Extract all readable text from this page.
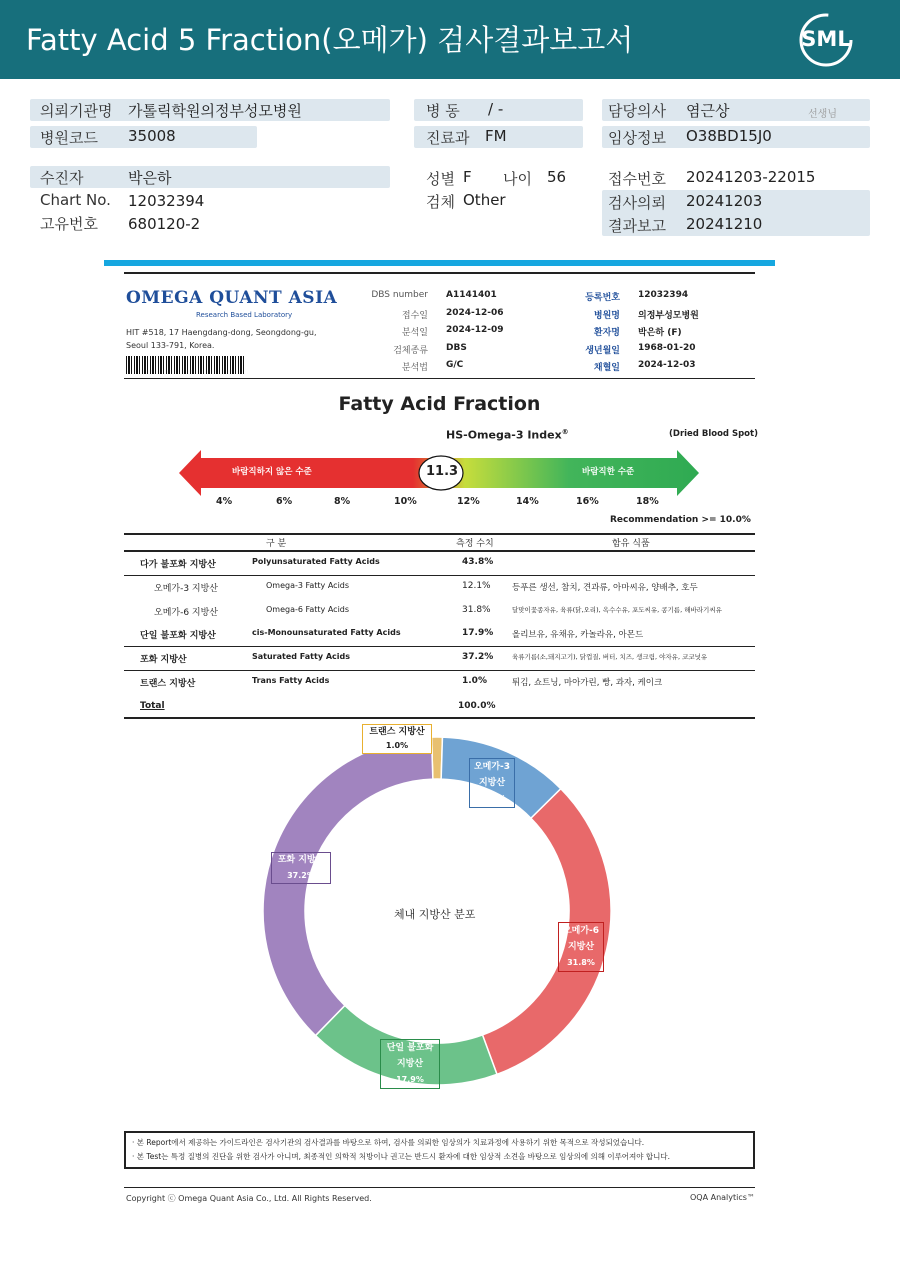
Fatty Acid 5 Fraction(오메가) 검사결과보고서	SML
의뢰기관명 가톨릭학원의정부성모병원
병원코드 35008
병 동 / -
진료과 FM
담당의사 염근상	선생님
임상정보 O38BD15J0
수진자	박은하
Chart No. 12032394
고유번호 680120-2
성별 F 나이 56
검체 Other
접수번호 20241203-22015
검사의뢰 20241203
결과보고 20241210
OMEGA QUANT ASIA
Research Based Laboratory
HIT #518, 17 Haengdang-dong, Seongdong-gu,
Seoul 133-791, Korea.
DBS number A1141401
접수일 2024-12-06
분석일 2024-12-09
검체종류 DBS
분석법 G/C
등록번호 12032394
병원명 의정부성모병원
환자명 박은하 (F)
생년월일 1968-01-20
채혈일 2024-12-03
Fatty Acid Fraction
HS-Omega-3 Index®	(Dried Blood Spot)
바람직하지 않은 수준	바람직한 수준
11.3
4%	6%	8%	10%	12%	14%	16%	18%
Recommendation >= 10.0%
구 분	측정 수치	함유 식품
다가 불포화 지방산	Polyunsaturated Fatty Acids	43.8%
오메가-3 지방산	Omega-3 Fatty Acids	12.1%	등푸른 생선, 참치, 견과류, 아마씨유, 양배추, 호두
오메가-6 지방산	Omega-6 Fatty Acids	31.8%	달맞이꽃종자유, 육류(닭,오리), 옥수수유, 포도씨유, 콩기름, 해바라기씨유
단일 불포화 지방산	cis-Monounsaturated Fatty Acids	17.9% 올리브유, 유채유, 카놀라유, 아몬드
포화 지방산	Saturated Fatty Acids	37.2%	육류기름(소,돼지고기), 닭껍질, 버터, 치즈, 생크림, 야자유, 코코넛유
트랜스 지방산	Trans Fatty Acids	1.0%	튀김, 쇼트닝, 마아가린, 빵, 과자, 케이크
Total	100.0%
체내 지방산 분포
트랜스 지방산
1.0%
오메가-3 지방산
12.1%
오메가-6 지방산
31.8%
단일 불포화 지방산
17.9%
포화 지방산
37.2%
· 본 Report에서 제공하는 가이드라인은 검사기관의 검사결과를 바탕으로 하여, 검사를 의뢰한 임상의가 치료과정에 사용하기 위한 목적으로 작성되었습니다.
· 본 Test는 특정 질병의 진단을 위한 검사가 아니며, 최종적인 의학적 처방이나 권고는 반드시 환자에 대한 임상적 소견을 바탕으로 임상의에 의해 이루어져야 합니다.
Copyright ⓒ Omega Quant Asia Co., Ltd. All Rights Reserved.	OQA Analytics™
